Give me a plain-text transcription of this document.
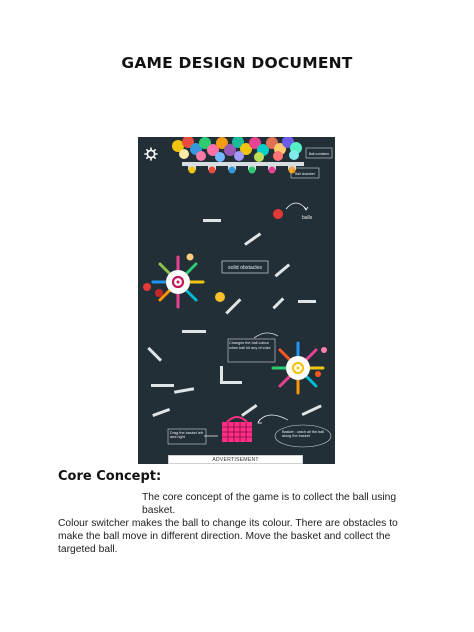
GAME DESIGN DOCUMENT
Ball container
Ball chamber
balls
solid obstacles
Changes the ball colour when ball hit any of color
Drag the basket left and right
Basket : catch all the ball along the basket
ADVERTISEMENT
Core Concept:
The core concept of the game is to collect the ball using basket.
Colour switcher makes the ball to change its colour. There are obstacles to make the ball move in different direction. Move the basket and collect the targeted ball.
